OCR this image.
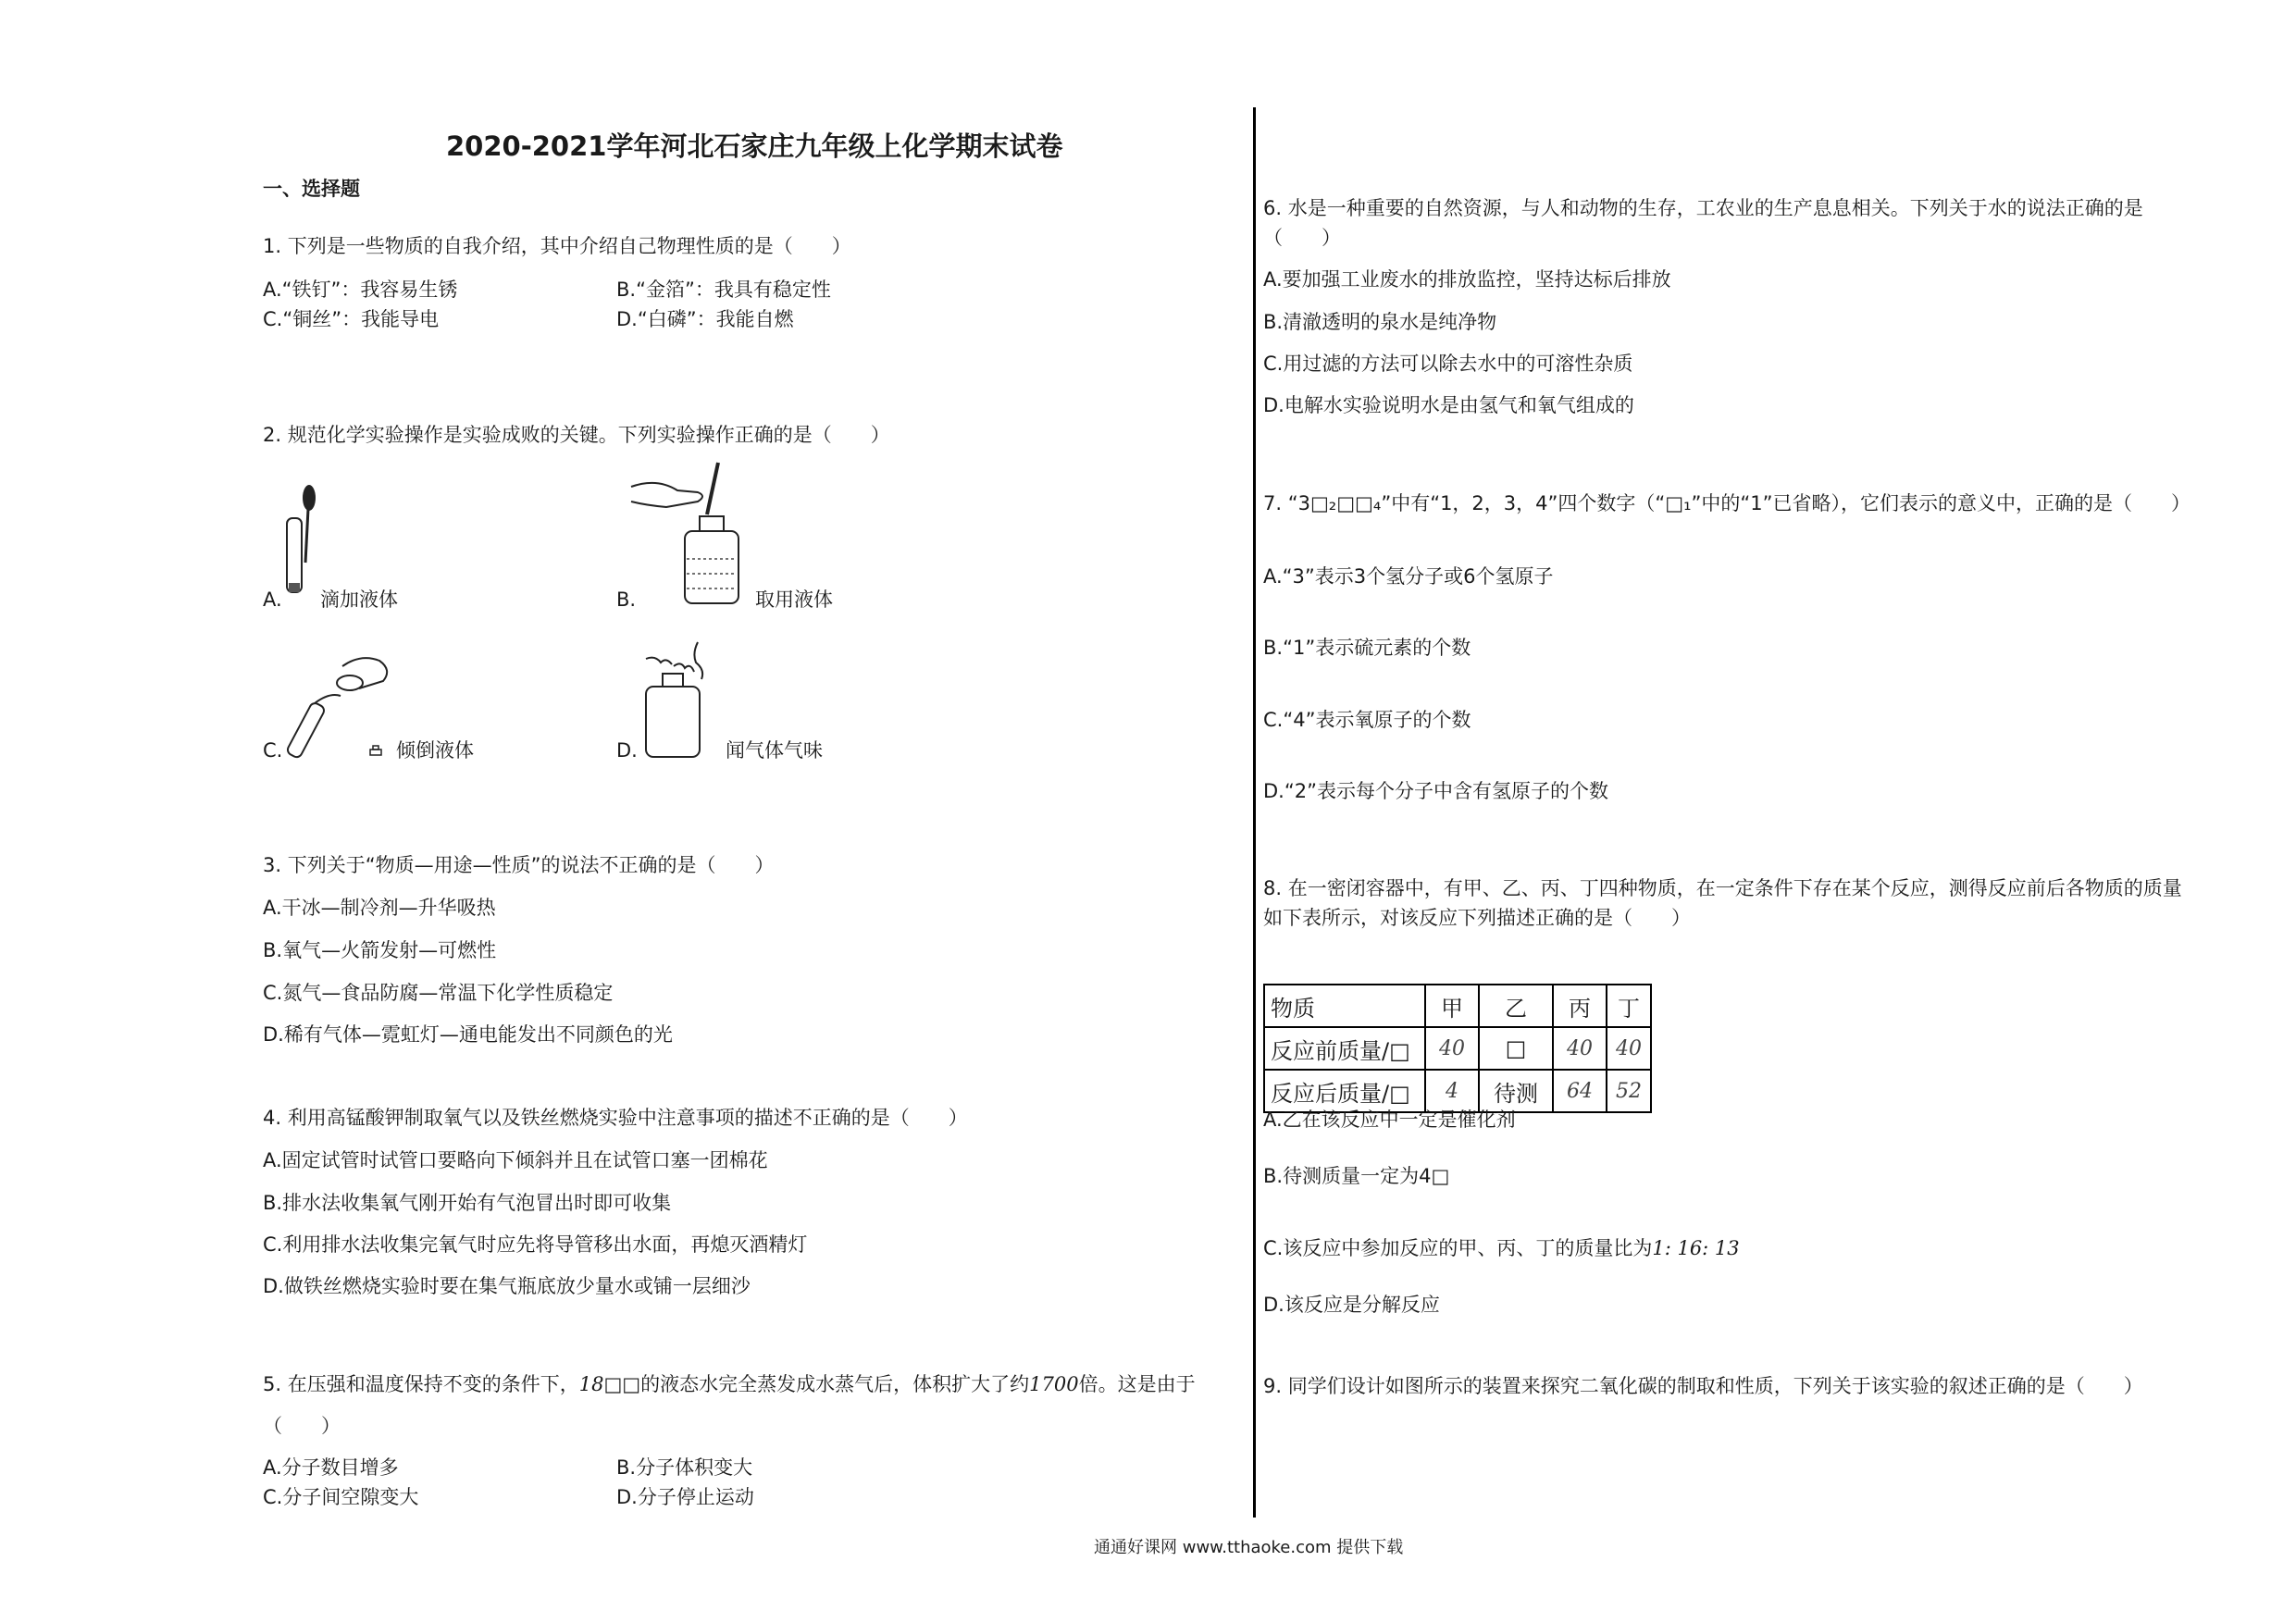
2020-2021学年河北石家庄九年级上化学期末试卷
一、选择题
1. 下列是一些物质的自我介绍，其中介绍自己物理性质的是（　　）
A.“铁钉”：我容易生锈	B.“金箔”：我具有稳定性
C.“铜丝”：我能导电	D.“白磷”：我能自燃
2. 规范化学实验操作是实验成败的关键。下列实验操作正确的是（　　）
A. 滴加液体	B.	取用液体
C.	倾倒液体	D.	闻气体气味
3. 下列关于“物质—用途—性质”的说法不正确的是（　　）
A.干冰—制冷剂—升华吸热
B.氧气—火箭发射—可燃性
C.氮气—食品防腐—常温下化学性质稳定
D.稀有气体—霓虹灯—通电能发出不同颜色的光
4. 利用高锰酸钾制取氧气以及铁丝燃烧实验中注意事项的描述不正确的是（　　）
A.固定试管时试管口要略向下倾斜并且在试管口塞一团棉花
B.排水法收集氧气刚开始有气泡冒出时即可收集
C.利用排水法收集完氧气时应先将导管移出水面，再熄灭酒精灯
D.做铁丝燃烧实验时要在集气瓶底放少量水或铺一层细沙
5. 在压强和温度保持不变的条件下，18□□的液态水完全蒸发成水蒸气后，体积扩大了约1700倍。这是由于
（　　）
A.分子数目增多	B.分子体积变大
C.分子间空隙变大	D.分子停止运动
6. 水是一种重要的自然资源，与人和动物的生存，工农业的生产息息相关。下列关于水的说法正确的是
（　　）
A.要加强工业废水的排放监控，坚持达标后排放
B.清澈透明的泉水是纯净物
C.用过滤的方法可以除去水中的可溶性杂质
D.电解水实验说明水是由氢气和氧气组成的
7. “3□₂□□₄”中有“1，2，3，4”四个数字（“□₁”中的“1”已省略），它们表示的意义中，正确的是（　　）
A.“3”表示3个氢分子或6个氢原子
B.“1”表示硫元素的个数
C.“4”表示氧原子的个数
D.“2”表示每个分子中含有氢原子的个数
8. 在一密闭容器中，有甲、乙、丙、丁四种物质，在一定条件下存在某个反应，测得反应前后各物质的质量
如下表所示，对该反应下列描述正确的是（　　）
物质	甲	乙	丙	丁
反应前质量/□	40	□	40	40
反应后质量/□	4	待测	64	52
A.乙在该反应中一定是催化剂
B.待测质量一定为4□
C.该反应中参加反应的甲、丙、丁的质量比为1: 16: 13
D.该反应是分解反应
9. 同学们设计如图所示的装置来探究二氧化碳的制取和性质，下列关于该实验的叙述正确的是（　　）
通通好课网 www.tthaoke.com 提供下载
